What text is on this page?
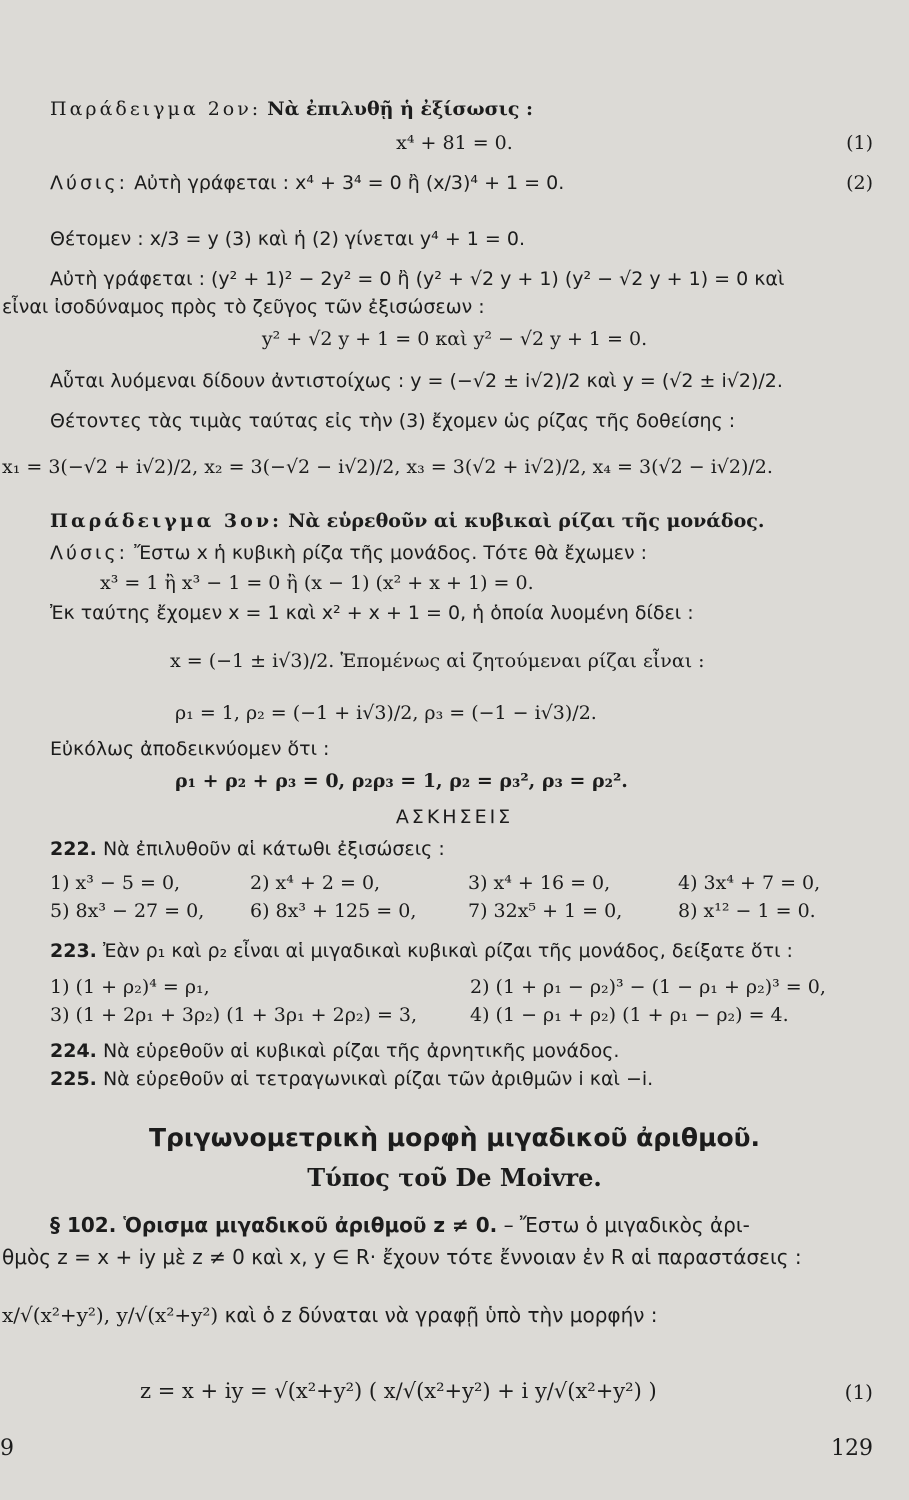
Παράδειγμα 2ον: Νὰ ἐπιλυθῇ ἡ ἐξίσωσις :
x⁴ + 81 = 0.	(1)
Λύσις: Αὐτὴ γράφεται : x⁴ + 3⁴ = 0 ἢ (x/3)⁴ + 1 = 0.	(2)
Θέτομεν : x/3 = y (3) καὶ ἡ (2) γίνεται y⁴ + 1 = 0.
Αὐτὴ γράφεται : (y² + 1)² − 2y² = 0 ἢ (y² + √2 y + 1) (y² − √2 y + 1) = 0 καὶ
εἶναι ἰσοδύναμος πρὸς τὸ ζεῦγος τῶν ἐξισώσεων :
y² + √2 y + 1 = 0 καὶ y² − √2 y + 1 = 0.
Αὗται λυόμεναι δίδουν ἀντιστοίχως : y = (−√2 ± i√2)/2 καὶ y = (√2 ± i√2)/2.
Θέτοντες τὰς τιμὰς ταύτας εἰς τὴν (3) ἔχομεν ὡς ρίζας τῆς δοθείσης :
x₁ = 3(−√2 + i√2)/2, x₂ = 3(−√2 − i√2)/2, x₃ = 3(√2 + i√2)/2, x₄ = 3(√2 − i√2)/2.
Παράδειγμα 3ον: Νὰ εὑρεθοῦν αἱ κυβικαὶ ρίζαι τῆς μονάδος.
Λύσις: Ἔστω x ἡ κυβικὴ ρίζα τῆς μονάδος. Τότε θὰ ἔχωμεν :
x³ = 1 ἢ x³ − 1 = 0 ἢ (x − 1) (x² + x + 1) = 0.
Ἐκ ταύτης ἔχομεν x = 1 καὶ x² + x + 1 = 0, ἡ ὁποία λυομένη δίδει :
x = (−1 ± i√3)/2. Ἑπομένως αἱ ζητούμεναι ρίζαι εἶναι :
ρ₁ = 1, ρ₂ = (−1 + i√3)/2, ρ₃ = (−1 − i√3)/2.
Εὐκόλως ἀποδεικνύομεν ὅτι :
ρ₁ + ρ₂ + ρ₃ = 0, ρ₂ρ₃ = 1, ρ₂ = ρ₃², ρ₃ = ρ₂².
ΑΣΚΗΣΕΙΣ
222. Νὰ ἐπιλυθοῦν αἱ κάτωθι ἐξισώσεις :
1) x³ − 5 = 0,	2) x⁴ + 2 = 0,	3) x⁴ + 16 = 0,	4) 3x⁴ + 7 = 0,
5) 8x³ − 27 = 0, 6) 8x³ + 125 = 0,	7) 32x⁵ + 1 = 0,	8) x¹² − 1 = 0.
223. Ἐὰν ρ₁ καὶ ρ₂ εἶναι αἱ μιγαδικαὶ κυβικαὶ ρίζαι τῆς μονάδος, δείξατε ὅτι :
1) (1 + ρ₂)⁴ = ρ₁,	2) (1 + ρ₁ − ρ₂)³ − (1 − ρ₁ + ρ₂)³ = 0,
3) (1 + 2ρ₁ + 3ρ₂) (1 + 3ρ₁ + 2ρ₂) = 3,	4) (1 − ρ₁ + ρ₂) (1 + ρ₁ − ρ₂) = 4.
224. Νὰ εὑρεθοῦν αἱ κυβικαὶ ρίζαι τῆς ἀρνητικῆς μονάδος.
225. Νὰ εὑρεθοῦν αἱ τετραγωνικαὶ ρίζαι τῶν ἀριθμῶν i καὶ −i.
Τριγωνομετρικὴ μορφὴ μιγαδικοῦ ἀριθμοῦ.
Τύπος τοῦ De Moivre.
§ 102. Ὁρισμα μιγαδικοῦ ἀριθμοῦ z ≠ 0. – Ἔστω ὁ μιγαδικὸς ἀρι-
θμὸς z = x + iy μὲ z ≠ 0 καὶ x, y ∈ R· ἔχουν τότε ἔννοιαν ἐν R αἱ παραστάσεις :
x/√(x²+y²), y/√(x²+y²) καὶ ὁ z δύναται νὰ γραφῇ ὑπὸ τὴν μορφήν :
z = x + iy = √(x²+y²) ( x/√(x²+y²) + i y/√(x²+y²) )	(1)
9	129
